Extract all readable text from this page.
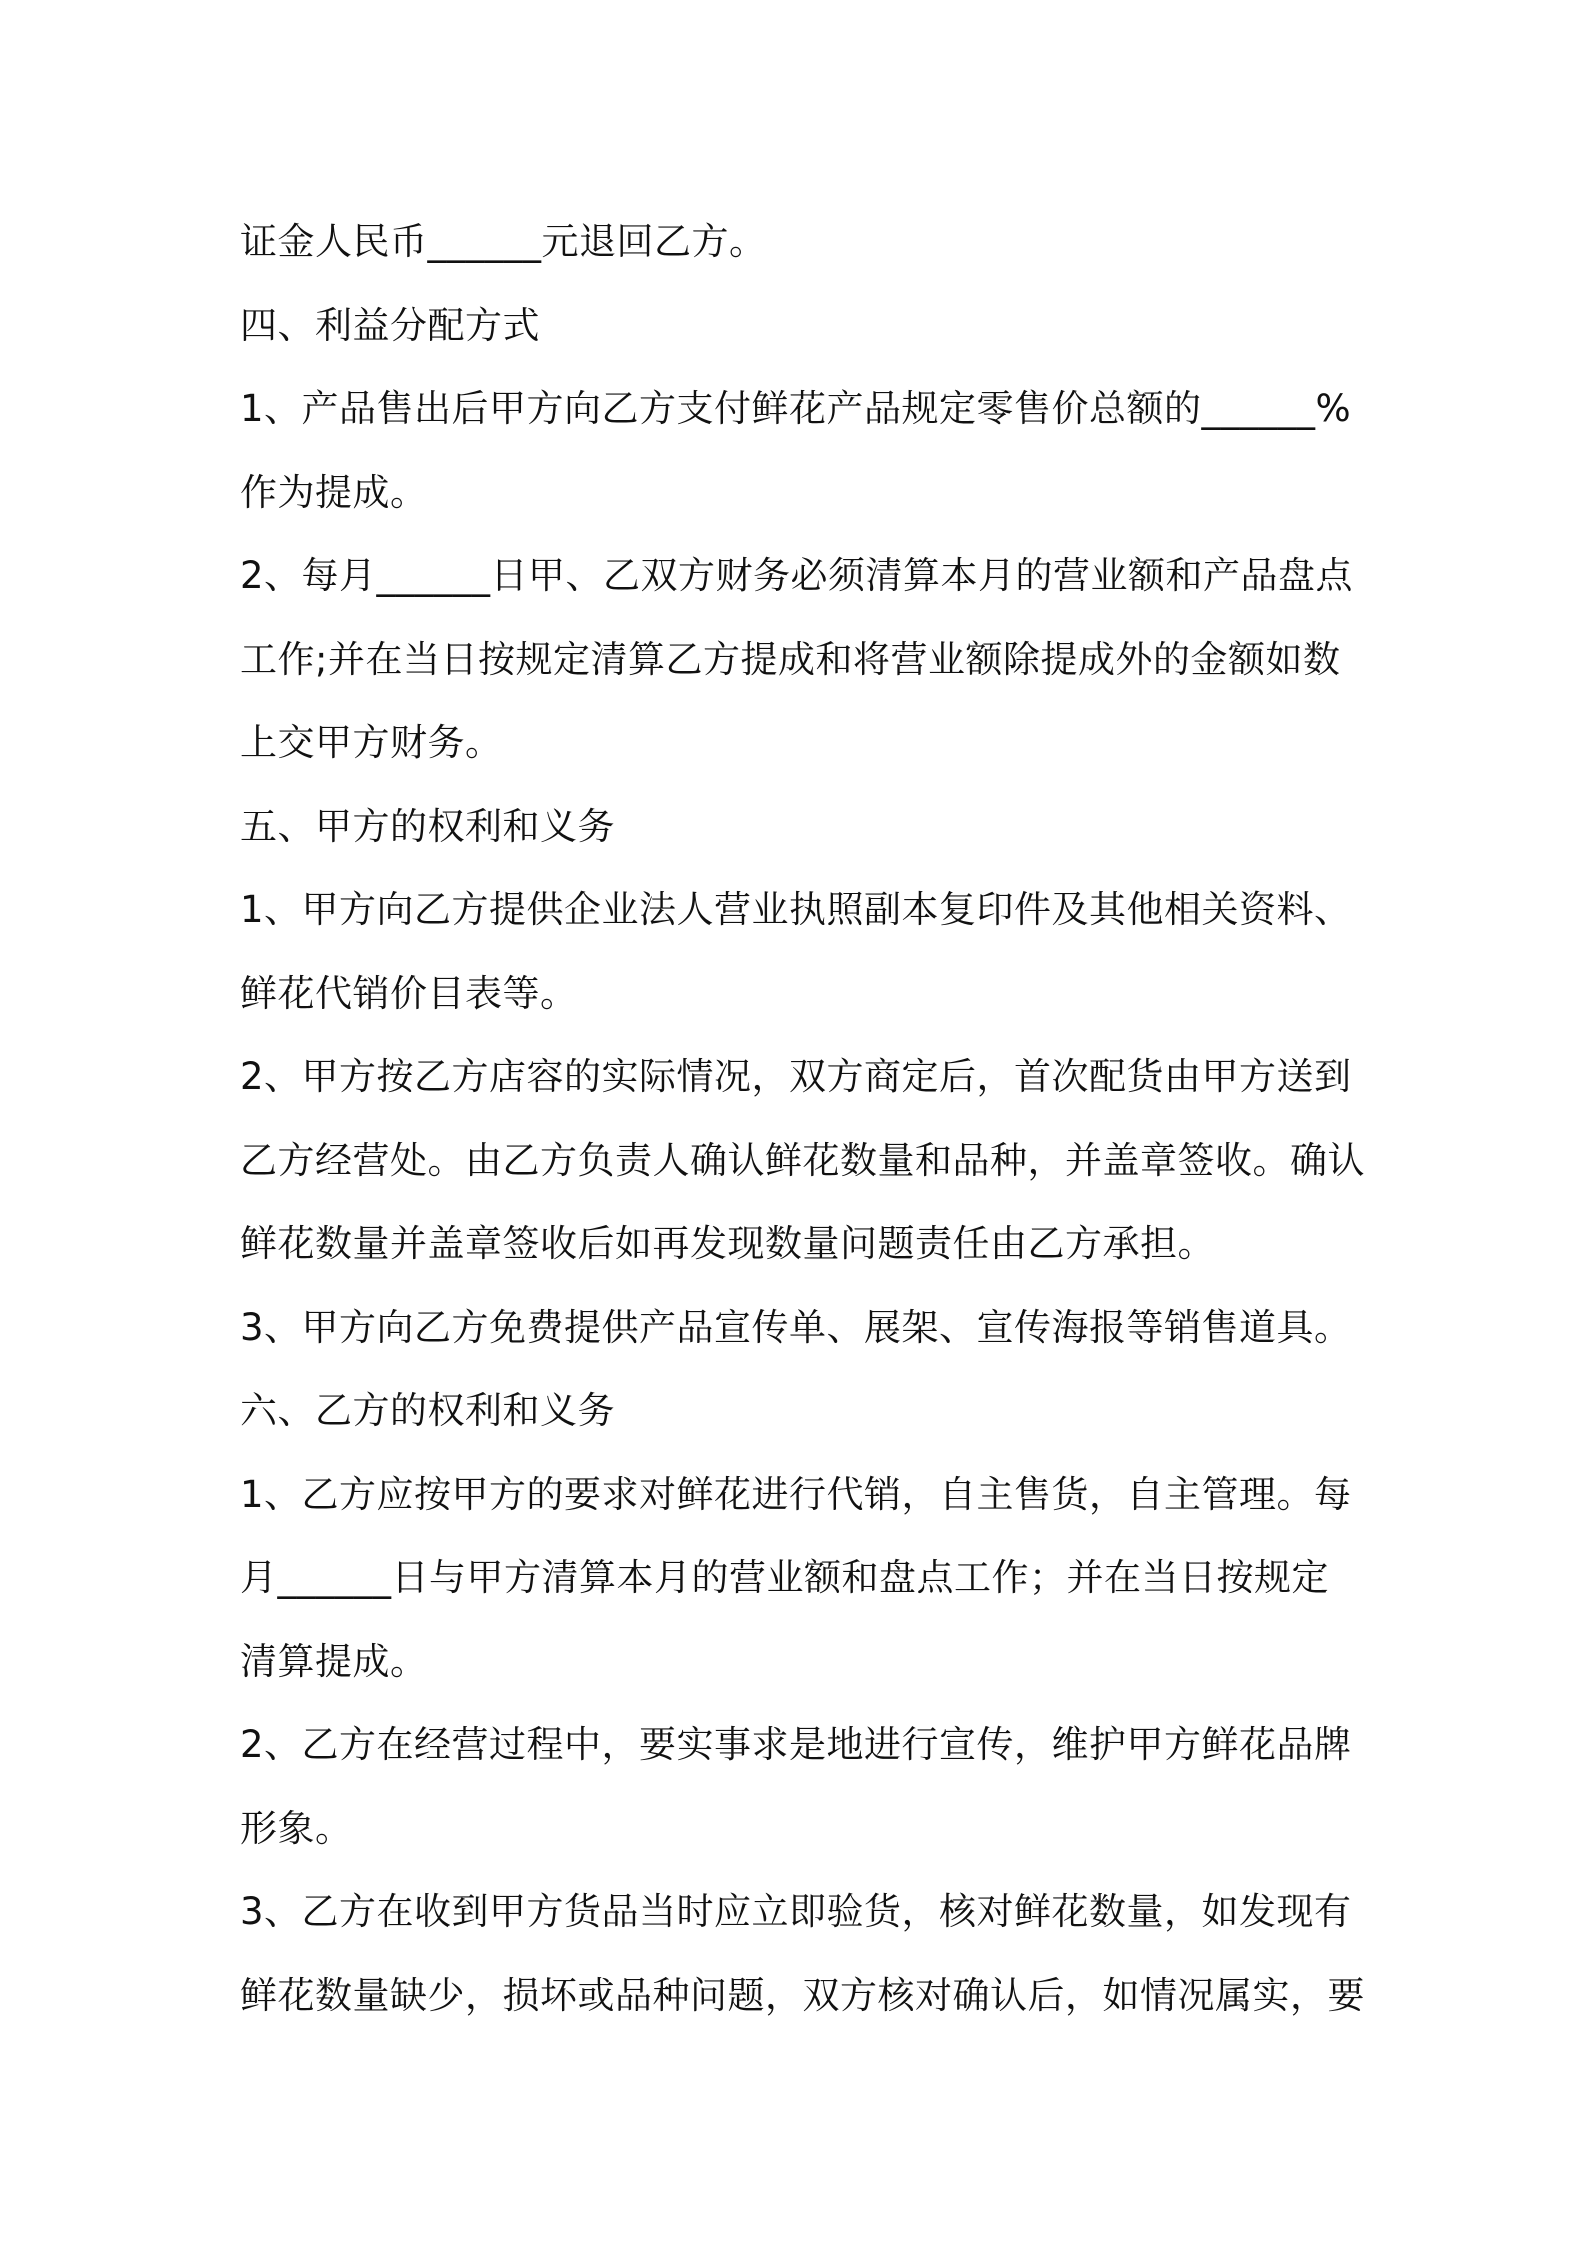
证金人民币______元退回乙方。
四、利益分配方式
1、产品售出后甲方向乙方支付鲜花产品规定零售价总额的______%
作为提成。
2、每月______日甲、乙双方财务必须清算本月的营业额和产品盘点
工作;并在当日按规定清算乙方提成和将营业额除提成外的金额如数
上交甲方财务。
五、甲方的权利和义务
1、甲方向乙方提供企业法人营业执照副本复印件及其他相关资料、
鲜花代销价目表等。
2、甲方按乙方店容的实际情况，双方商定后，首次配货由甲方送到
乙方经营处。由乙方负责人确认鲜花数量和品种，并盖章签收。确认
鲜花数量并盖章签收后如再发现数量问题责任由乙方承担。
3、甲方向乙方免费提供产品宣传单、展架、宣传海报等销售道具。
六、乙方的权利和义务
1、乙方应按甲方的要求对鲜花进行代销，自主售货，自主管理。每
月______日与甲方清算本月的营业额和盘点工作；并在当日按规定
清算提成。
2、乙方在经营过程中，要实事求是地进行宣传，维护甲方鲜花品牌
形象。
3、乙方在收到甲方货品当时应立即验货，核对鲜花数量，如发现有
鲜花数量缺少，损坏或品种问题，双方核对确认后，如情况属实，要
